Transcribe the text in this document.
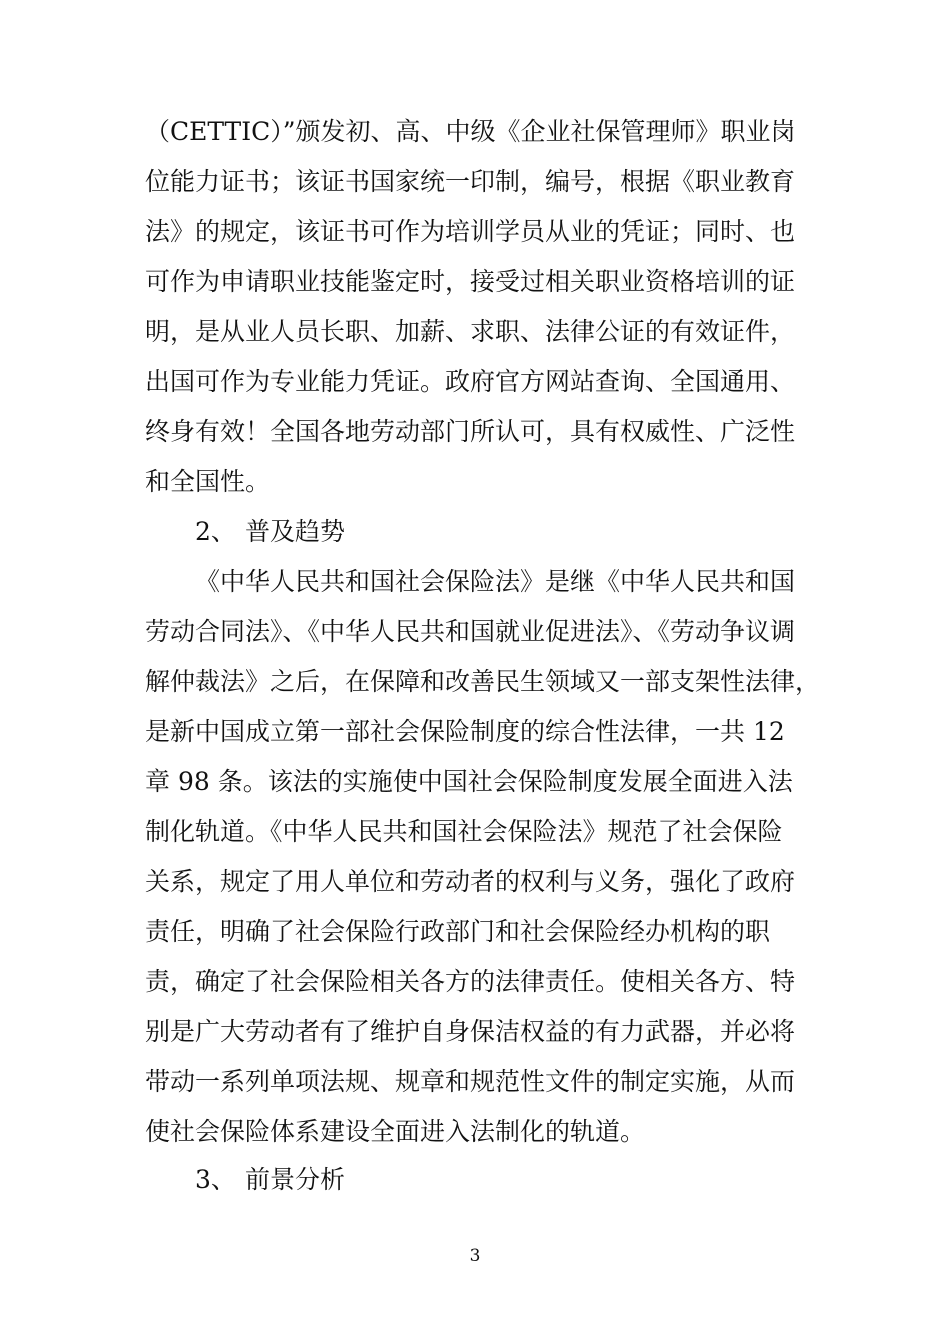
（CETTIC）”颁发初、高、中级《企业社保管理师》职业岗
位能力证书；该证书国家统一印制，编号，根据《职业教育
法》的规定，该证书可作为培训学员从业的凭证；同时、也
可作为申请职业技能鉴定时，接受过相关职业资格培训的证
明，是从业人员长职、加薪、求职、法律公证的有效证件，
出国可作为专业能力凭证。政府官方网站查询、全国通用、
终身有效！全国各地劳动部门所认可，具有权威性、广泛性
和全国性。
2、 普及趋势
《中华人民共和国社会保险法》是继《中华人民共和国
劳动合同法》、《中华人民共和国就业促进法》、《劳动争议调
解仲裁法》之后，在保障和改善民生领域又一部支架性法律，
是新中国成立第一部社会保险制度的综合性法律，一共 12
章 98 条。该法的实施使中国社会保险制度发展全面进入法
制化轨道。《中华人民共和国社会保险法》规范了社会保险
关系，规定了用人单位和劳动者的权利与义务，强化了政府
责任，明确了社会保险行政部门和社会保险经办机构的职
责，确定了社会保险相关各方的法律责任。使相关各方、特
别是广大劳动者有了维护自身保洁权益的有力武器，并必将
带动一系列单项法规、规章和规范性文件的制定实施，从而
使社会保险体系建设全面进入法制化的轨道。
3、 前景分析
3
